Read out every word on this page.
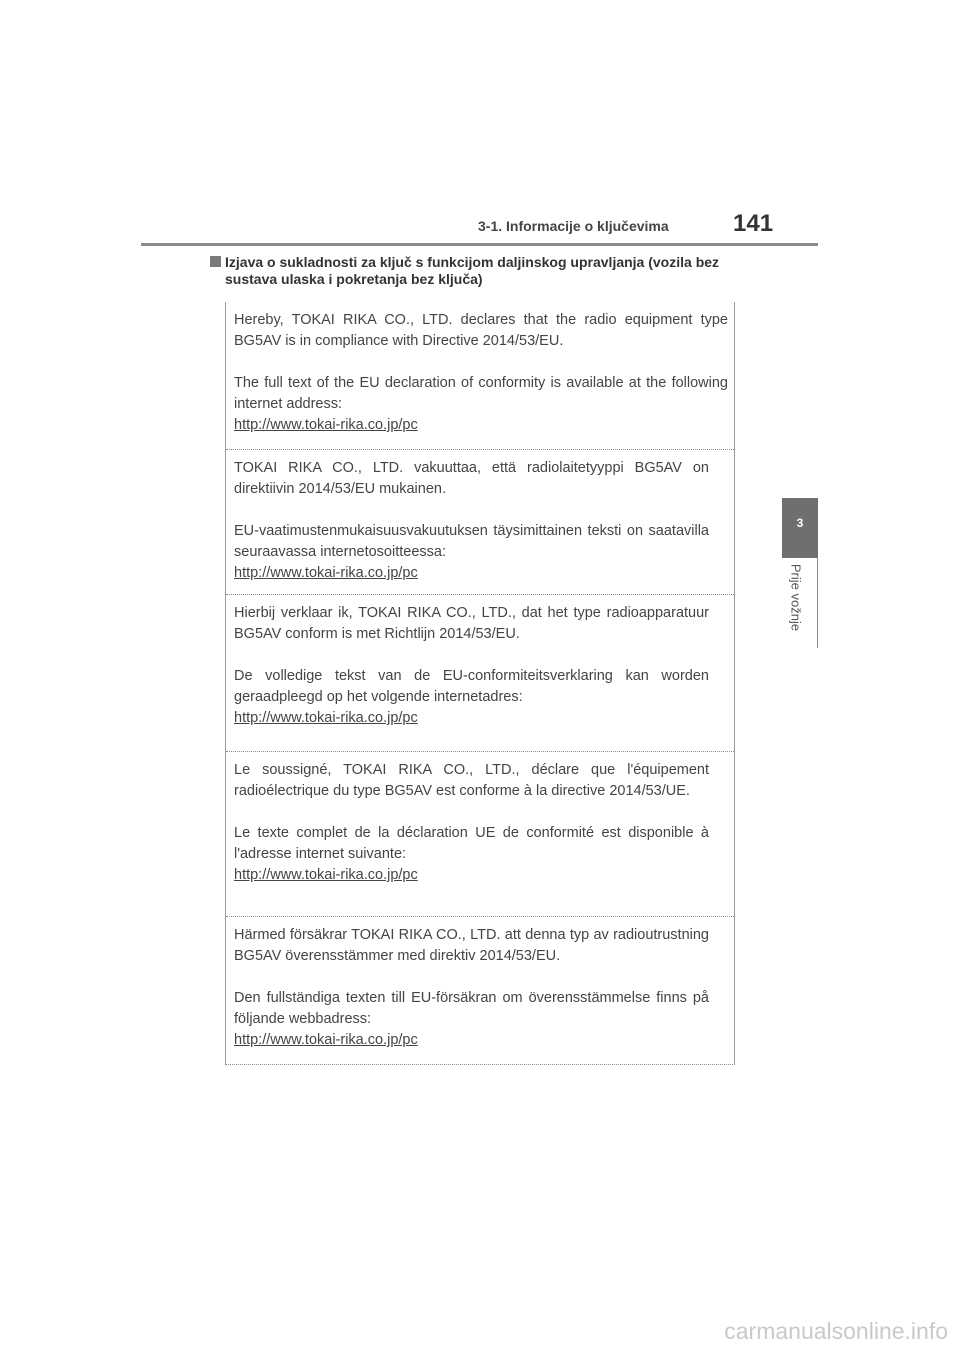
3-1. Informacije o ključevima	141
3
Prije vožnje
Izjava o sukladnosti za ključ s funkcijom daljinskog upravljanja (vozila bez sustava ulaska i pokretanja bez ključa)

Hereby, TOKAI RIKA CO., LTD. declares that the radio equipment type BG5AV is in compliance with Directive 2014/53/EU.

The full text of the EU declaration of conformity is available at the following internet address:

http://www.tokai-rika.co.jp/pc

TOKAI RIKA CO., LTD. vakuuttaa, että radiolaitetyyppi BG5AV on direktiivin 2014/53/EU mukainen.

EU-vaatimustenmukaisuusvakuutuksen täysimittainen teksti on saatavilla seuraavassa internetosoitteessa:

http://www.tokai-rika.co.jp/pc

Hierbij verklaar ik, TOKAI RIKA CO., LTD., dat het type radioapparatuur BG5AV conform is met Richtlijn 2014/53/EU.

De volledige tekst van de EU-conformiteitsverklaring kan worden geraadpleegd op het volgende internetadres:

http://www.tokai-rika.co.jp/pc

Le soussigné, TOKAI RIKA CO., LTD., déclare que l'équipement radioélectrique du type BG5AV est conforme à la directive 2014/53/UE.

Le texte complet de la déclaration UE de conformité est disponible à l'adresse internet suivante:

http://www.tokai-rika.co.jp/pc

Härmed försäkrar TOKAI RIKA CO., LTD. att denna typ av radioutrustning BG5AV överensstämmer med direktiv 2014/53/EU.

Den fullständiga texten till EU-försäkran om överensstämmelse finns på följande webbadress:

http://www.tokai-rika.co.jp/pc
carmanualsonline.info
